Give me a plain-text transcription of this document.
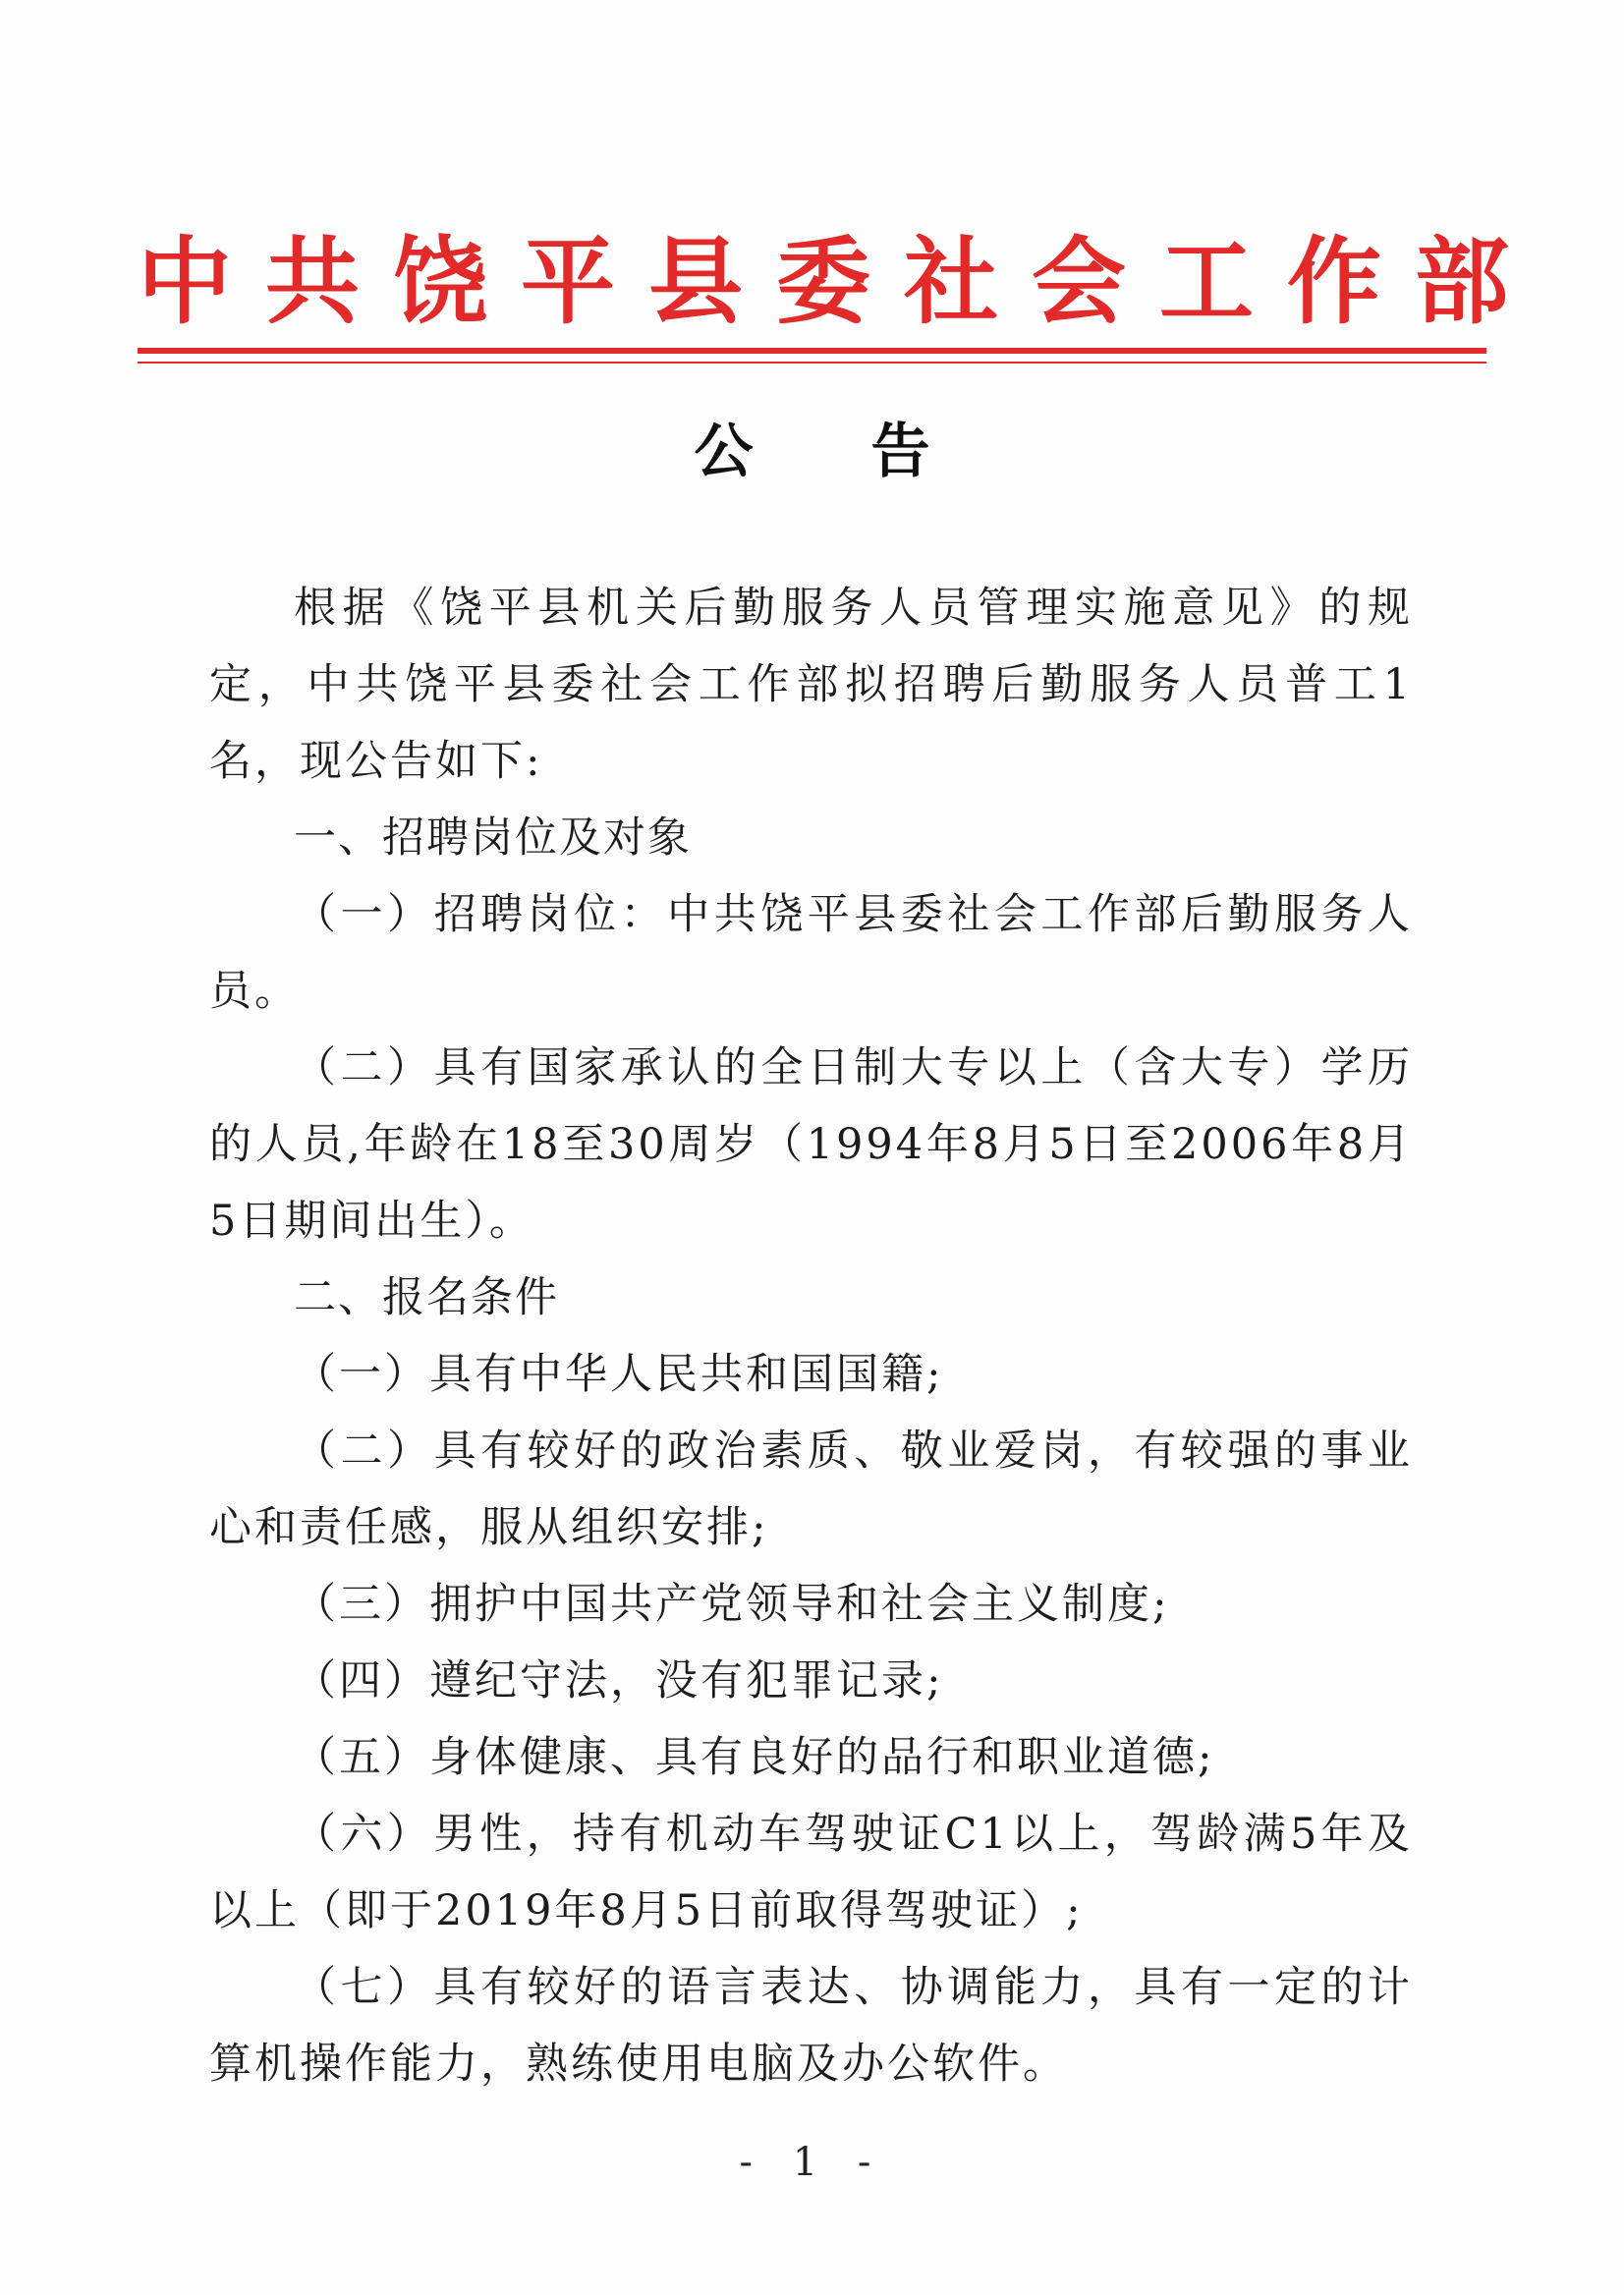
中共饶平县委社会工作部
公告

根据《饶平县机关后勤服务人员管理实施意见》的规定，中共饶平县委社会工作部拟招聘后勤服务人员普工1名，现公告如下:

一、招聘岗位及对象

（一）招聘岗位：中共饶平县委社会工作部后勤服务人员。

（二）具有国家承认的全日制大专以上（含大专）学历的人员,年龄在18至30周岁（1994年8月5日至2006年8月5日期间出生）。

二、报名条件

（一）具有中华人民共和国国籍;

（二）具有较好的政治素质、敬业爱岗，有较强的事业心和责任感，服从组织安排;

（三）拥护中国共产党领导和社会主义制度;

（四）遵纪守法，没有犯罪记录;

（五）身体健康、具有良好的品行和职业道德;

（六）男性，持有机动车驾驶证C1以上，驾龄满5年及以上（即于2019年8月5日前取得驾驶证）;

（七）具有较好的语言表达、协调能力，具有一定的计算机操作能力，熟练使用电脑及办公软件。

- 1 -
